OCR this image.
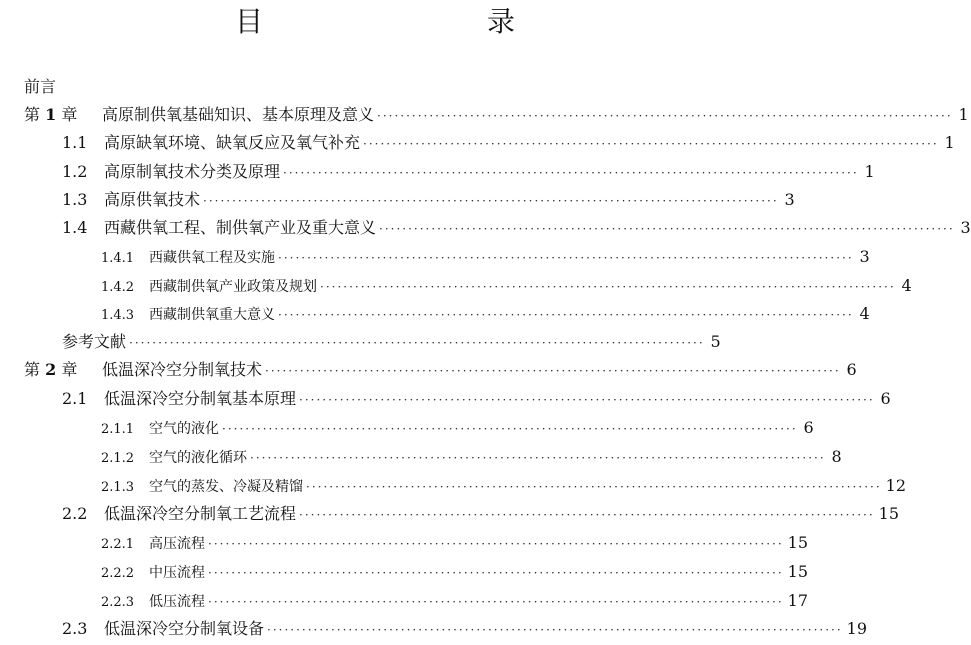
目　　录
前言
第 1 章	高原制供氧基础知识、基本原理及意义 ··································································································· 1
1.1	高原缺氧环境、缺氧反应及氧气补充 ··································································································· 1
1.2	高原制氧技术分类及原理 ··································································································· 1
1.3	高原供氧技术 ··································································································· 3
1.4	西藏供氧工程、制供氧产业及重大意义 ··································································································· 3
1.4.1	西藏供氧工程及实施 ··································································································· 3
1.4.2	西藏制供氧产业政策及规划 ··································································································· 4
1.4.3	西藏制供氧重大意义 ··································································································· 4
参考文献 ··································································································· 5
第 2 章	低温深冷空分制氧技术 ··································································································· 6
2.1	低温深冷空分制氧基本原理 ··································································································· 6
2.1.1	空气的液化 ··································································································· 6
2.1.2	空气的液化循环 ··································································································· 8
2.1.3	空气的蒸发、冷凝及精馏 ··································································································· 12
2.2	低温深冷空分制氧工艺流程 ··································································································· 15
2.2.1	高压流程 ··································································································· 15
2.2.2	中压流程 ··································································································· 15
2.2.3	低压流程 ··································································································· 17
2.3	低温深冷空分制氧设备 ··································································································· 19
